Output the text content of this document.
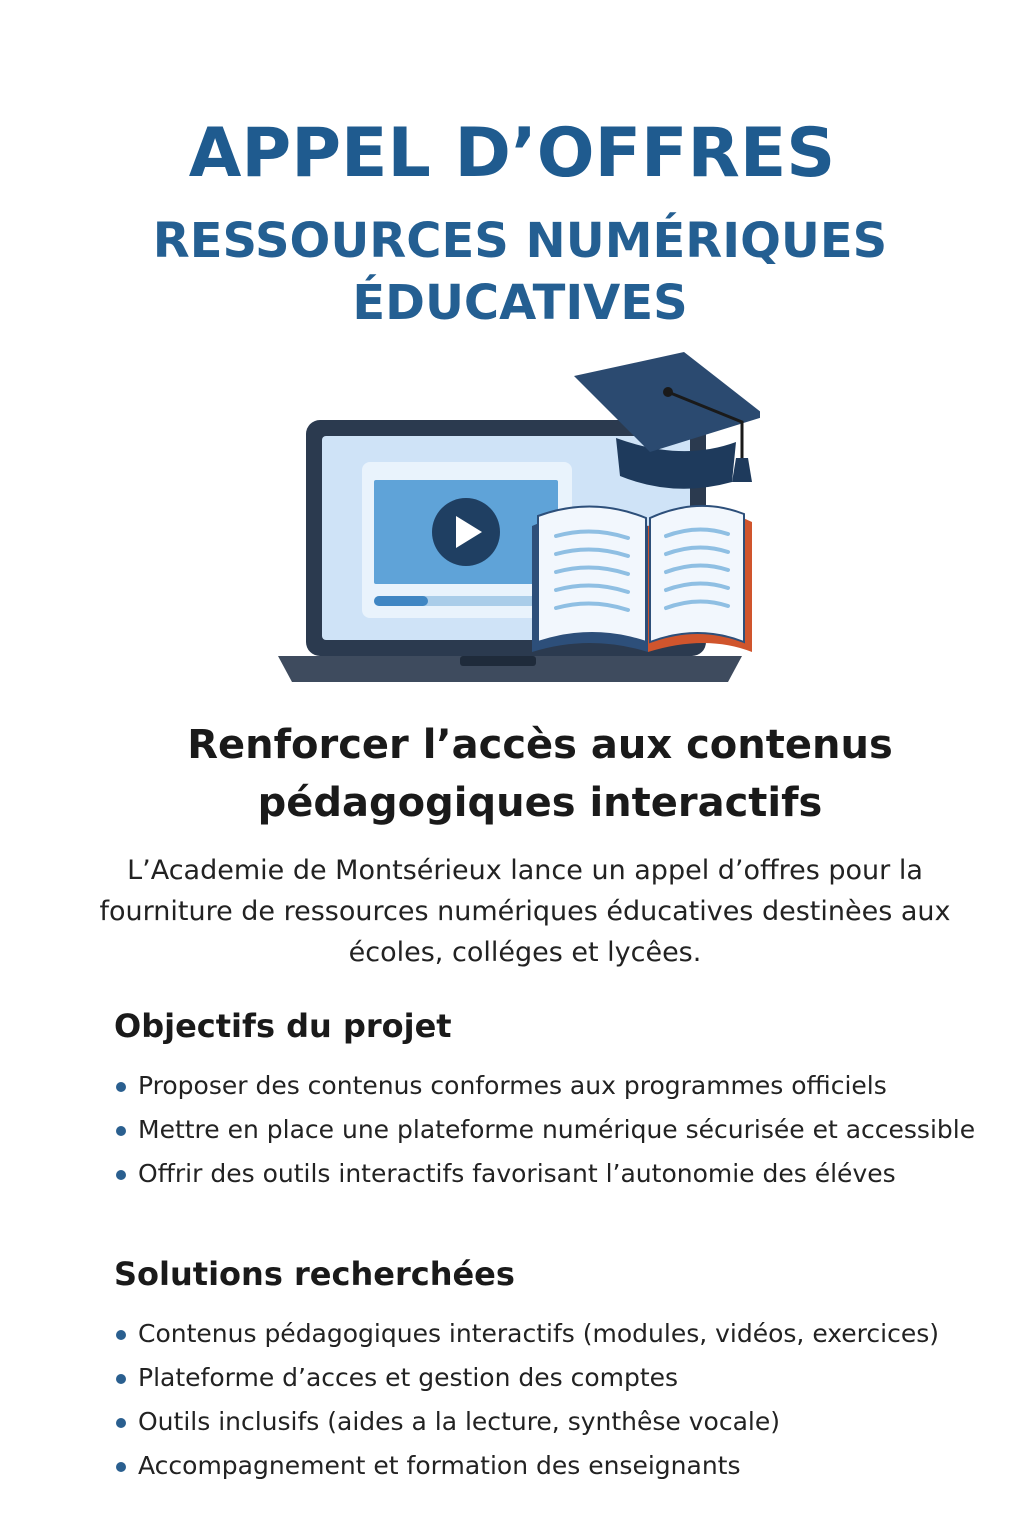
APPEL D’OFFRES
RESSOURCES NUMÉRIQUES ÉDUCATIVES
Renforcer l’accès aux contenus pédagogiques interactifs

L’Academie de Montsérieux lance un appel d’offres pour la fourniture de ressources numériques éducatives destinèes aux écoles, colléges et lycêes.

Objectifs du projet
Proposer des contenus conformes aux programmes officiels
Mettre en place une plateforme numérique sécurisée et accessible
Offrir des outils interactifs favorisant l’autonomie des éléves
Solutions recherchées
Contenus pédagogiques interactifs (modules, vidéos, exercices)
Plateforme d’acces et gestion des comptes
Outils inclusifs (aides a la lecture, synthêse vocale)
Accompagnement et formation des enseignants
